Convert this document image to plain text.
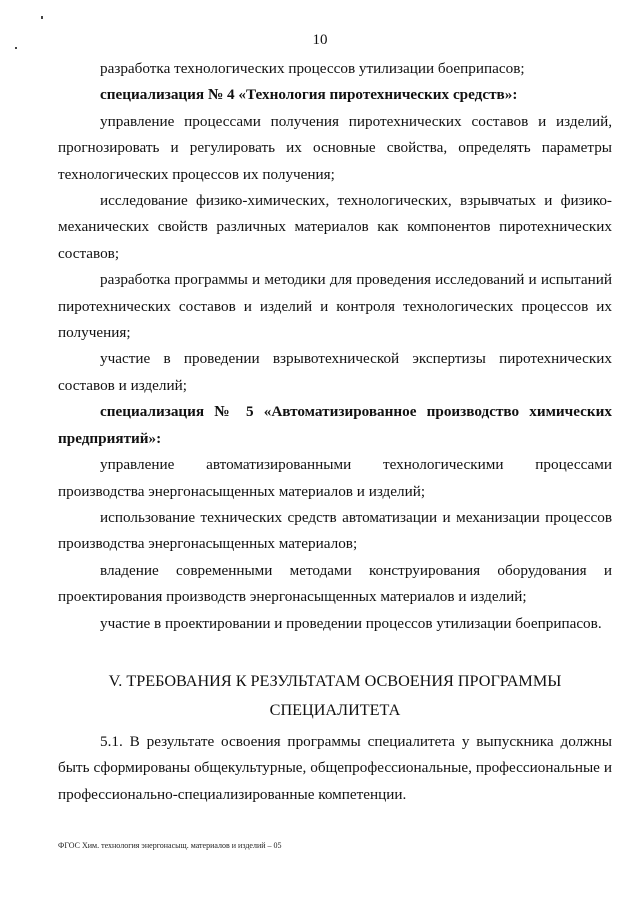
10

разработка технологических процессов утилизации боеприпасов;

специализация № 4 «Технология пиротехнических средств»:

управление процессами получения пиротехнических составов и изделий, прогнозировать и регулировать их основные свойства, определять параметры технологических процессов их получения;

исследование физико-химических, технологических, взрывчатых и физико-механических свойств различных материалов как компонентов пиротехнических составов;

разработка программы и методики для проведения исследований и испытаний пиротехнических составов и изделий и контроля технологических процессов их получения;

участие в проведении взрывотехнической экспертизы пиротехнических составов и изделий;

специализация № 5 «Автоматизированное производство химических предприятий»:

управление автоматизированными технологическими процессами производства энергонасыщенных материалов и изделий;

использование технических средств автоматизации и механизации процессов производства энергонасыщенных материалов;

владение современными методами конструирования оборудования и проектирования производств энергонасыщенных материалов и изделий;

участие в проектировании и проведении процессов утилизации боеприпасов.

V. ТРЕБОВАНИЯ К РЕЗУЛЬТАТАМ ОСВОЕНИЯ ПРОГРАММЫ
СПЕЦИАЛИТЕТА

5.1. В результате освоения программы специалитета у выпускника должны быть сформированы общекультурные, общепрофессиональные, профессиональные и профессионально-специализированные компетенции.

ФГОС Хим. технология энергонасыщ. материалов и изделий – 05
